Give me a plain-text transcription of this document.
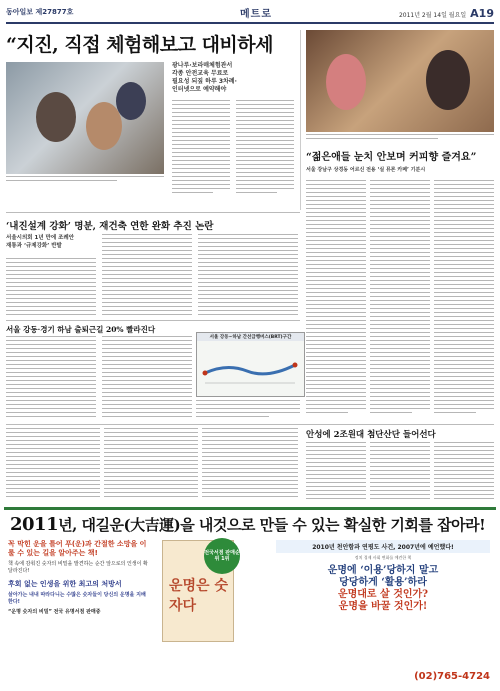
동아일보 제27877호	메트로	2011년 2월 14일 월요일 A19
“지진, 직접 체험해보고 대비하세
광나루·보라매체험관서
각종 안전교육 무료로
필요성 되짚 하루 3차례·
인터넷으로 예약해야
“젊은애들 눈치 안보며 커피향 즐겨요”
서울 강남구 상경동 어르신 전용 ‘실 뮤론 카페’ 기분시
‘내진설계 강화’ 명분, 재건축 연한 완화 추진 논란
서울시의회 1년 만에 조례안
재통과 ‘규제강화’ 반발
서울 강동·경기 하남 출퇴근길 20% 빨라진다
서울 강동~하남 간선급행버스(BRT)구간
안성에 2조원대 첨단산단 들어선다
2011년, 대길운(大吉運)을 내것으로 만들 수 있는 확실한 기회를 잡아라!
꼭 막힌 운을 틀어 푸(운)과 간절한 소망을 이룰 수 있는 길을 알아주는 책!
책 속에 감춰진 숫자의 비밀을 발견하는 순간 앞으로의 인생이 확 달라진다!
후회 없는 인생을 위한 최고의 처방서
살아가는 내내 따라다니는 수많은 숫자들이 당신의 운명을 지배한다!
“운명 숫자의 비밀” 전국 유명서점 판매중
운명은 숫자다
전국서점 판매순위 1위
2010년 천안함과 연평도 사건, 2007년에 예언했다!
정치 경제 사회 변화를 예견한 책
운명에 ‘이용’당하지 말고
당당하게 ‘활용’하라
운명대로 살 것인가?
운명을 바꿀 것인가!
(02)765-4724
